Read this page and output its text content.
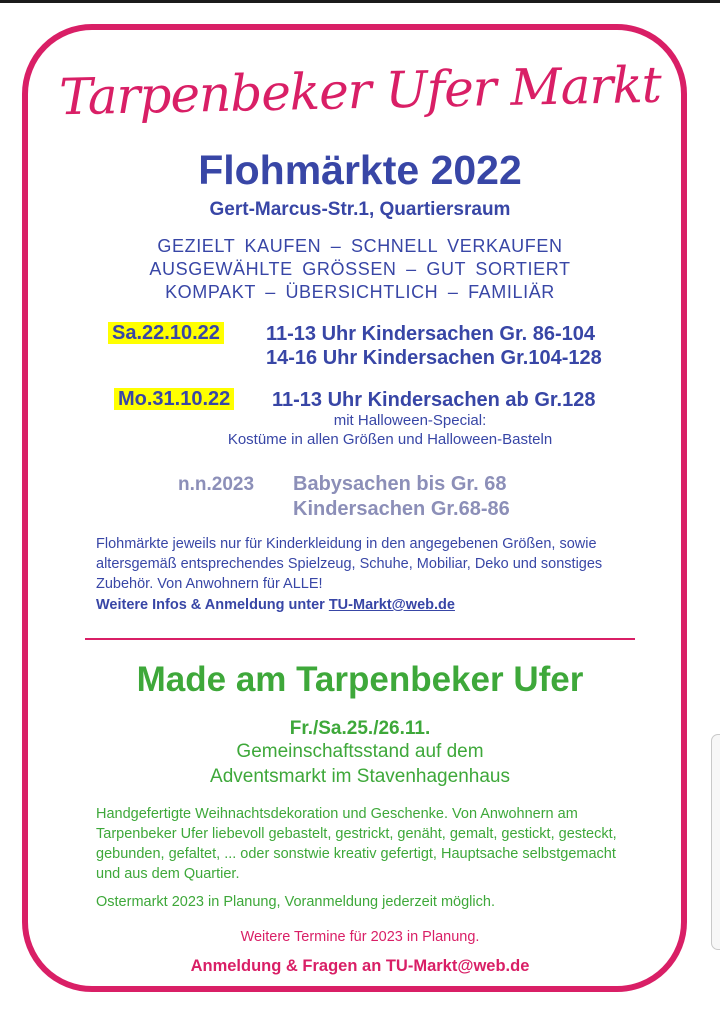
Tarpenbeker Ufer Markt
Flohmärkte 2022
Gert-Marcus-Str.1, Quartiersraum
GEZIELT KAUFEN – SCHNELL VERKAUFEN
AUSGEWÄHLTE GRÖSSEN – GUT SORTIERT
KOMPAKT – ÜBERSICHTLICH – FAMILIÄR
Sa.22.10.22 11-13 Uhr Kindersachen Gr. 86-104
14-16 Uhr Kindersachen Gr.104-128
Mo.31.10.22 11-13 Uhr Kindersachen ab Gr.128
mit Halloween-Special:
Kostüme in allen Größen und Halloween-Basteln
n.n.2023 Babysachen bis Gr. 68
Kindersachen Gr.68-86
Flohmärkte jeweils nur für Kinderkleidung in den angegebenen Größen, sowie altersgemäß entsprechendes Spielzeug, Schuhe, Mobiliar, Deko und sonstiges Zubehör. Von Anwohnern für ALLE!
Weitere Infos & Anmeldung unter TU-Markt@web.de
Made am Tarpenbeker Ufer
Fr./Sa.25./26.11.
Gemeinschaftsstand auf dem
Adventsmarkt im Stavenhagenhaus
Handgefertigte Weihnachtsdekoration und Geschenke. Von Anwohnern am Tarpenbeker Ufer liebevoll gebastelt, gestrickt, genäht, gemalt, gestickt, gesteckt, gebunden, gefaltet, ... oder sonstwie kreativ gefertigt, Hauptsache selbstgemacht und aus dem Quartier.
Ostermarkt 2023 in Planung, Voranmeldung jederzeit möglich.
Weitere Termine für 2023 in Planung.
Anmeldung & Fragen an TU-Markt@web.de
